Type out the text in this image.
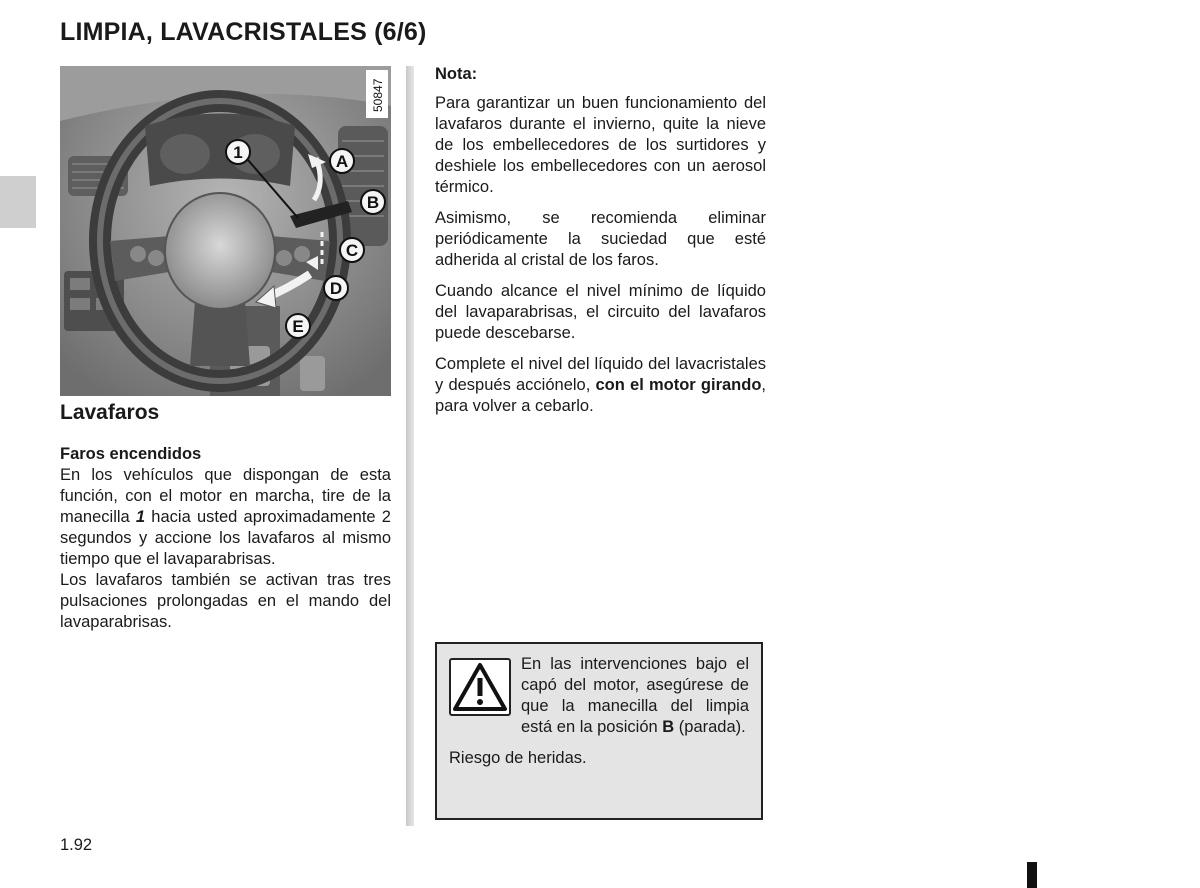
LIMPIA, LAVACRISTALES (6/6)
1	A
B
C
D
E
50847
Lavafaros

Faros encendidos

En los vehículos que dispongan de esta función, con el motor en marcha, tire de la manecilla 1 hacia usted aproximadamente 2 segundos y accione los lavafaros al mismo tiempo que el lavaparabrisas.

Los lavafaros también se activan tras tres pulsaciones prolongadas en el mando del lavaparabrisas.

Nota:

Para garantizar un buen funcionamiento del lavafaros durante el invierno, quite la nieve de los embellecedores de los surtidores y deshiele los embellecedores con un aerosol térmico.

Asimismo, se recomienda eliminar periódicamente la suciedad que esté adherida al cristal de los faros.

Cuando alcance el nivel mínimo de líquido del lavaparabrisas, el circuito del lavafaros puede descebarse.

Complete el nivel del líquido del lavacristales y después acciónelo, con el motor girando, para volver a cebarlo.

En las intervenciones bajo el capó del motor, asegúrese de que la manecilla del limpia está en la posición B (parada).

Riesgo de heridas.

1.92
